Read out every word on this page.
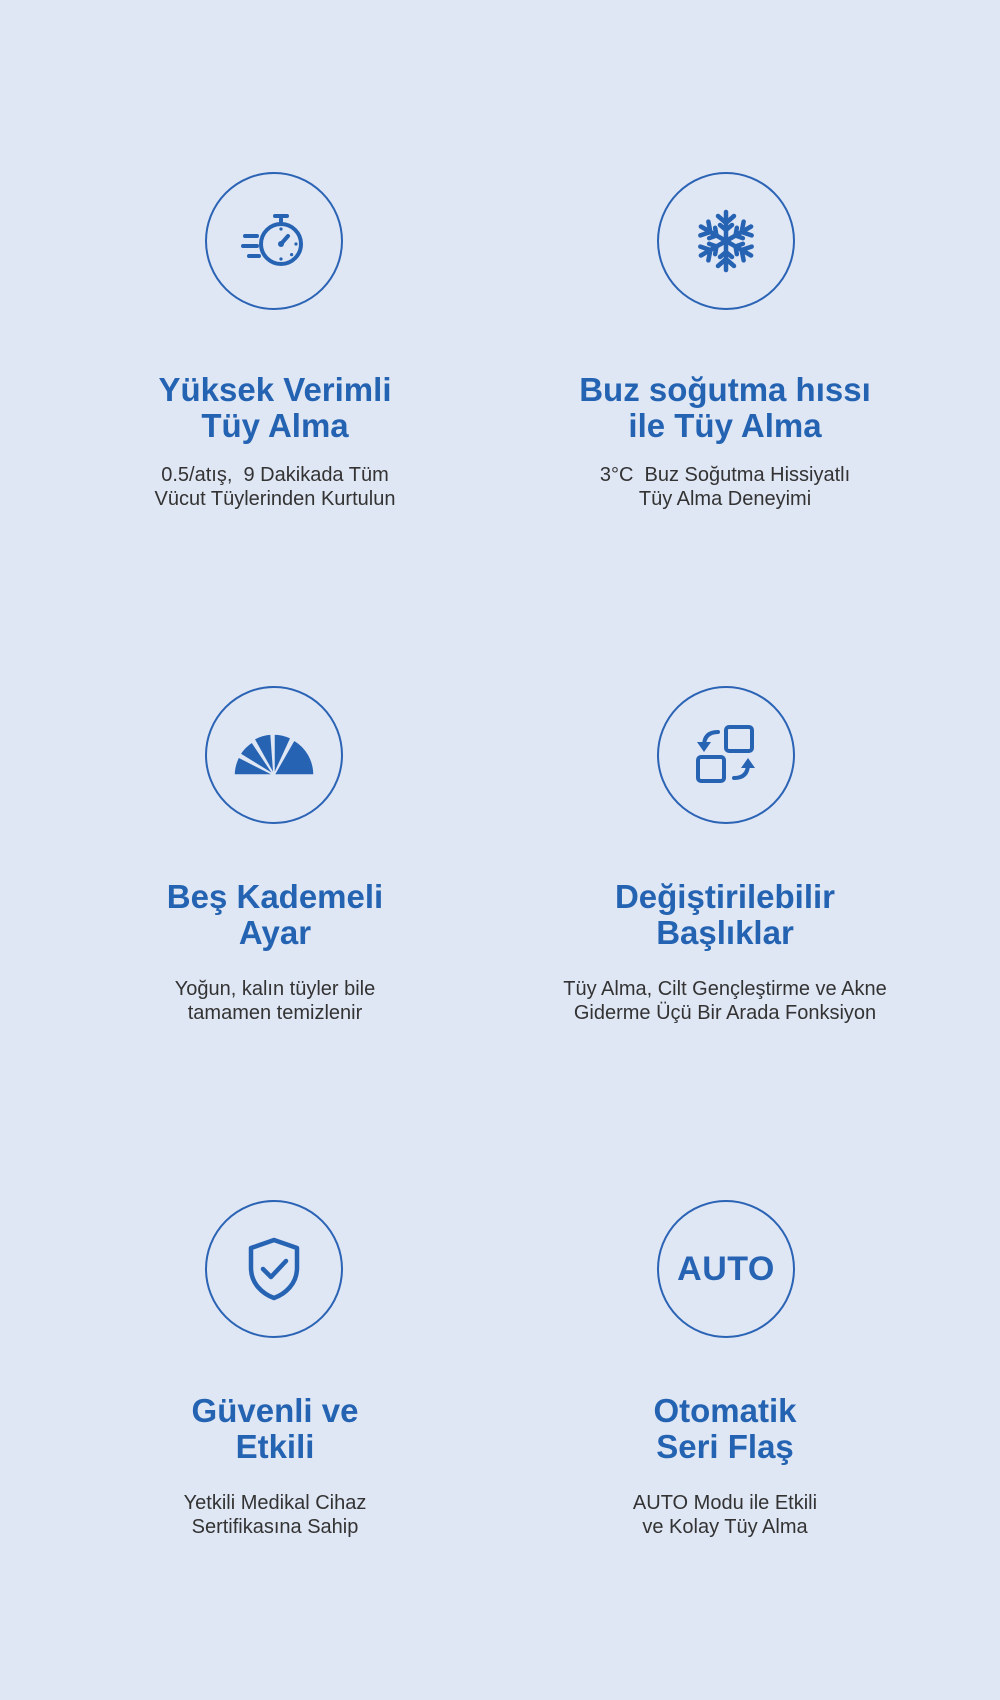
Yüksek Verimli
Tüy Alma

0.5/atış,  9 Dakikada Tüm
Vücut Tüylerinden Kurtulun

Buz soğutma hıssı
ile Tüy Alma

3°C  Buz Soğutma Hissiyatlı
Tüy Alma Deneyimi

Beş Kademeli
Ayar

Yoğun, kalın tüyler bile
tamamen temizlenir

Değiştirilebilir
Başlıklar

Tüy Alma, Cilt Gençleştirme ve Akne
Giderme Üçü Bir Arada Fonksiyon

Güvenli ve
Etkili

Yetkili Medikal Cihaz
Sertifikasına Sahip

AUTO
Otomatik
Seri Flaş

AUTO Modu ile Etkili
ve Kolay Tüy Alma
